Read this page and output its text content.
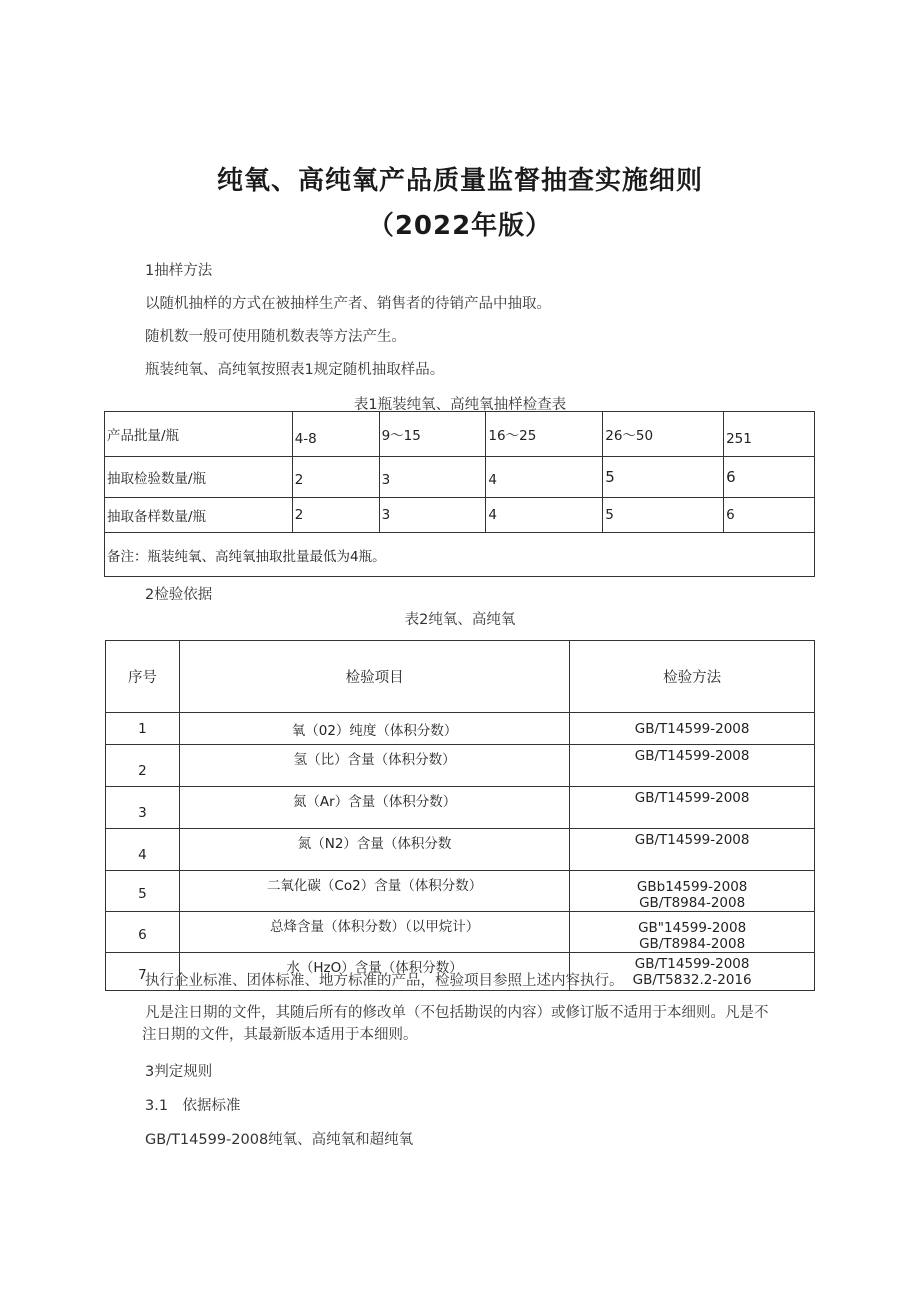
纯氧、高纯氧产品质量监督抽查实施细则
（2022年版）
1抽样方法
以随机抽样的方式在被抽样生产者、销售者的待销产品中抽取。
随机数一般可使用随机数表等方法产生。
瓶装纯氧、高纯氧按照表1规定随机抽取样品。
表1瓶装纯氧、高纯氧抽样检查表
产品批量/瓶	4-8	9～15	16～25	26～50	251
抽取检验数量/瓶	2	3	4	5	6
抽取备样数量/瓶	2	3	4	5	6
备注：瓶装纯氧、高纯氧抽取批量最低为4瓶。					
2检验依据
表2纯氧、高纯氧
序号	检验项目	检验方法
1	氧（02）纯度（体积分数）	GB/T14599-2008
2	氢（比）含量（体积分数）	GB/T14599-2008
3	氮（Ar）含量（体积分数）	GB/T14599-2008
4	氮（N2）含量（体积分数	GB/T14599-2008
5	二氧化碳（Co2）含量（体积分数）	GBb14599-2008
GB/T8984-2008

6	总烽含量（体积分数）（以甲烷计）	GB"14599-2008
GB/T8984-2008

7	水（HzO）含量（体积分数）	GB/T14599-2008
GB/T5832.2-2016
执行企业标准、团体标准、地方标准的产品，检验项目参照上述内容执行。
凡是注日期的文件，其随后所有的修改单（不包括勘误的内容）或修订版不适用于本细则。凡是不
注日期的文件，其最新版本适用于本细则。
3判定规则
3.1　依据标准
GB/T14599-2008纯氧、高纯氧和超纯氧
